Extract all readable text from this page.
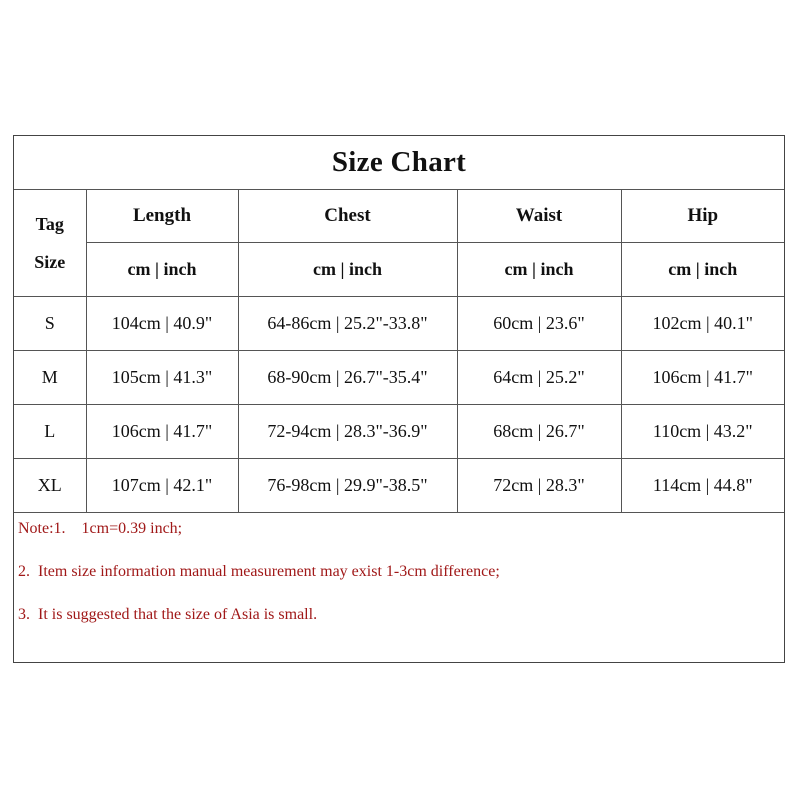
Size Chart
Tag
Size	Length	Chest	Waist	Hip
	cm | inch	cm | inch	cm | inch	cm | inch
S	104cm | 40.9"	64-86cm | 25.2"-33.8"	60cm | 23.6"	102cm | 40.1"
M	105cm | 41.3"	68-90cm | 26.7"-35.4"	64cm | 25.2"	106cm | 41.7"
L	106cm | 41.7"	72-94cm | 28.3"-36.9"	68cm | 26.7"	110cm | 43.2"
XL	107cm | 42.1"	76-98cm | 29.9"-38.5"	72cm | 28.3"	114cm | 44.8"
Note:1.    1cm=0.39 inch;
2.  Item size information manual measurement may exist 1-3cm difference;
3.  It is suggested that the size of Asia is small.
